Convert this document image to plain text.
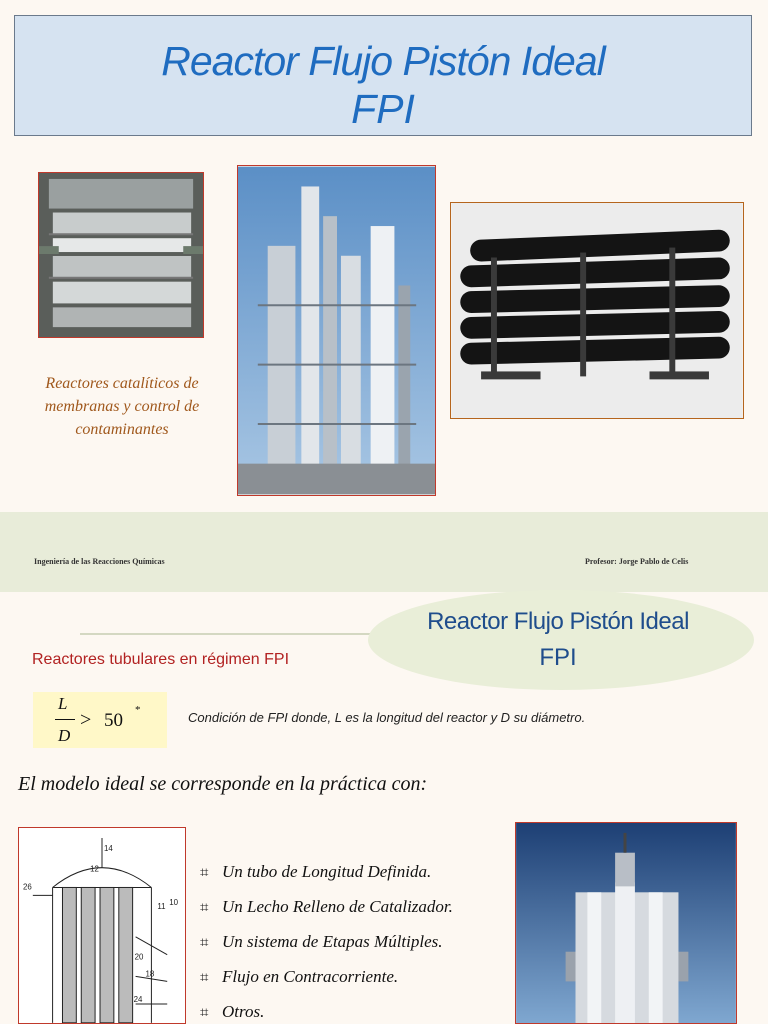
Reactor Flujo Pistón Ideal
FPI
Reactores catalíticos de membranas y control de contaminantes
Ingeniería de las Reacciones Químicas	Profesor: Jorge Pablo de Celis
Reactor Flujo Pistón Ideal
FPI
Reactores tubulares en régimen FPI
L
D
> 50 *	Condición de FPI donde, L es la longitud del reactor y D su diámetro.
El modelo ideal se corresponde en la práctica con:
14
12
26
11 10
20
18
24
⌗ Un tubo de Longitud Definida.
⌗ Un Lecho Relleno de Catalizador.
⌗ Un sistema de Etapas Múltiples.
⌗ Flujo en Contracorriente.
⌗ Otros.
